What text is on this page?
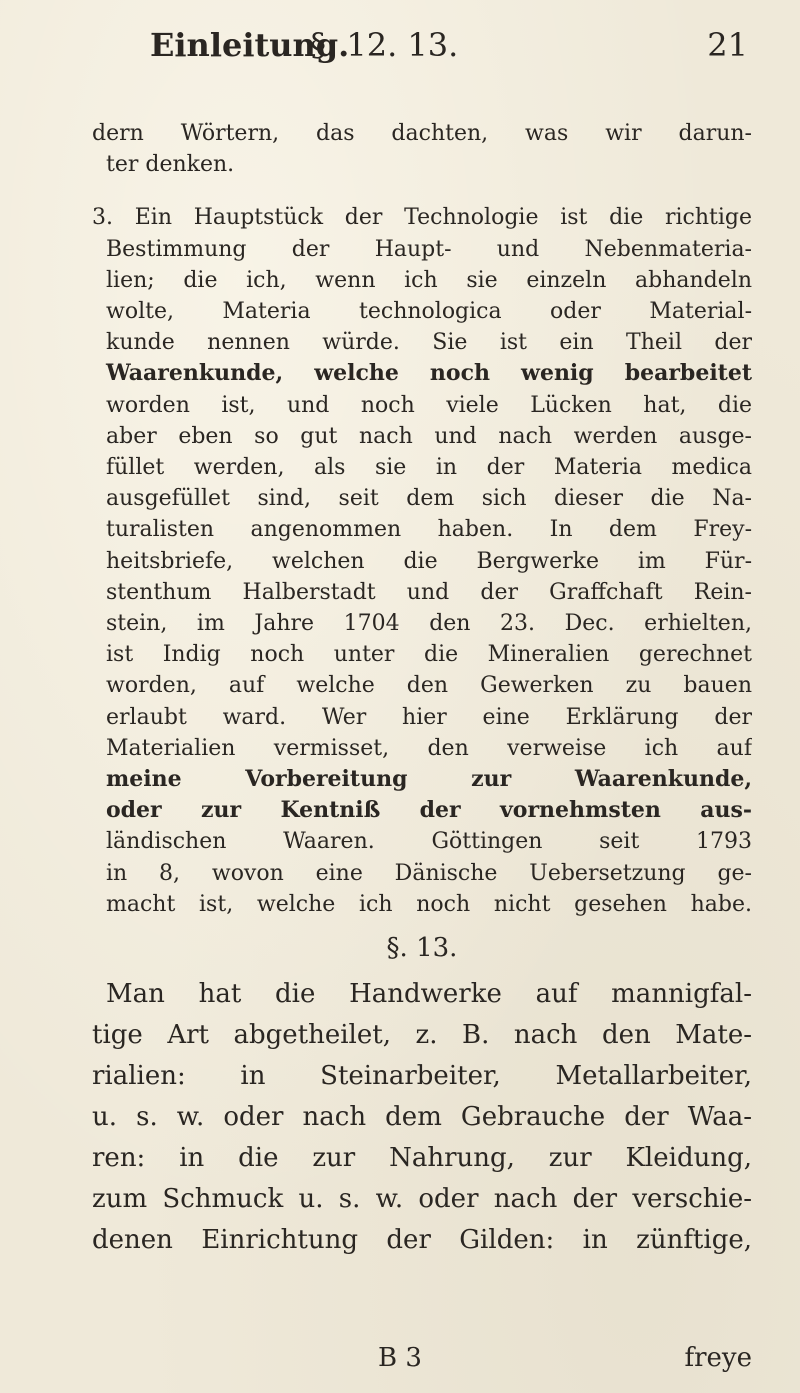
Einleitung.
§. 12. 13.	21

dern Wörtern, das dachten, was wir darun-
ter denken.

3. Ein Hauptstück der Technologie ist die richtige
Bestimmung der Haupt- und Nebenmateria-
lien; die ich, wenn ich sie einzeln abhandeln
wolte, Materia technologica oder Material-
kunde nennen würde. Sie ist ein Theil der
Waarenkunde, welche noch wenig bearbeitet
worden ist, und noch viele Lücken hat, die
aber eben so gut nach und nach werden ausge-
füllet werden, als sie in der Materia medica
ausgefüllet sind, seit dem sich dieser die Na-
turalisten angenommen haben. In dem Frey-
heitsbriefe, welchen die Bergwerke im Für-
stenthum Halberstadt und der Graffchaft Rein-
stein, im Jahre 1704 den 23. Dec. erhielten,
ist Indig noch unter die Mineralien gerechnet
worden, auf welche den Gewerken zu bauen
erlaubt ward. Wer hier eine Erklärung der
Materialien vermisset, den verweise ich auf
meine Vorbereitung zur Waarenkunde,
oder zur Kentniß der vornehmsten aus-
ländischen Waaren. Göttingen seit 1793
in 8, wovon eine Dänische Uebersetzung ge-
macht ist, welche ich noch nicht gesehen habe.

§. 13.

Man hat die Handwerke auf mannigfal-
tige Art abgetheilet, z. B. nach den Mate-
rialien: in Steinarbeiter, Metallarbeiter,
u. s. w. oder nach dem Gebrauche der Waa-
ren: in die zur Nahrung, zur Kleidung,
zum Schmuck u. s. w. oder nach der verschie-
denen Einrichtung der Gilden: in zünftige,

B 3	freye
